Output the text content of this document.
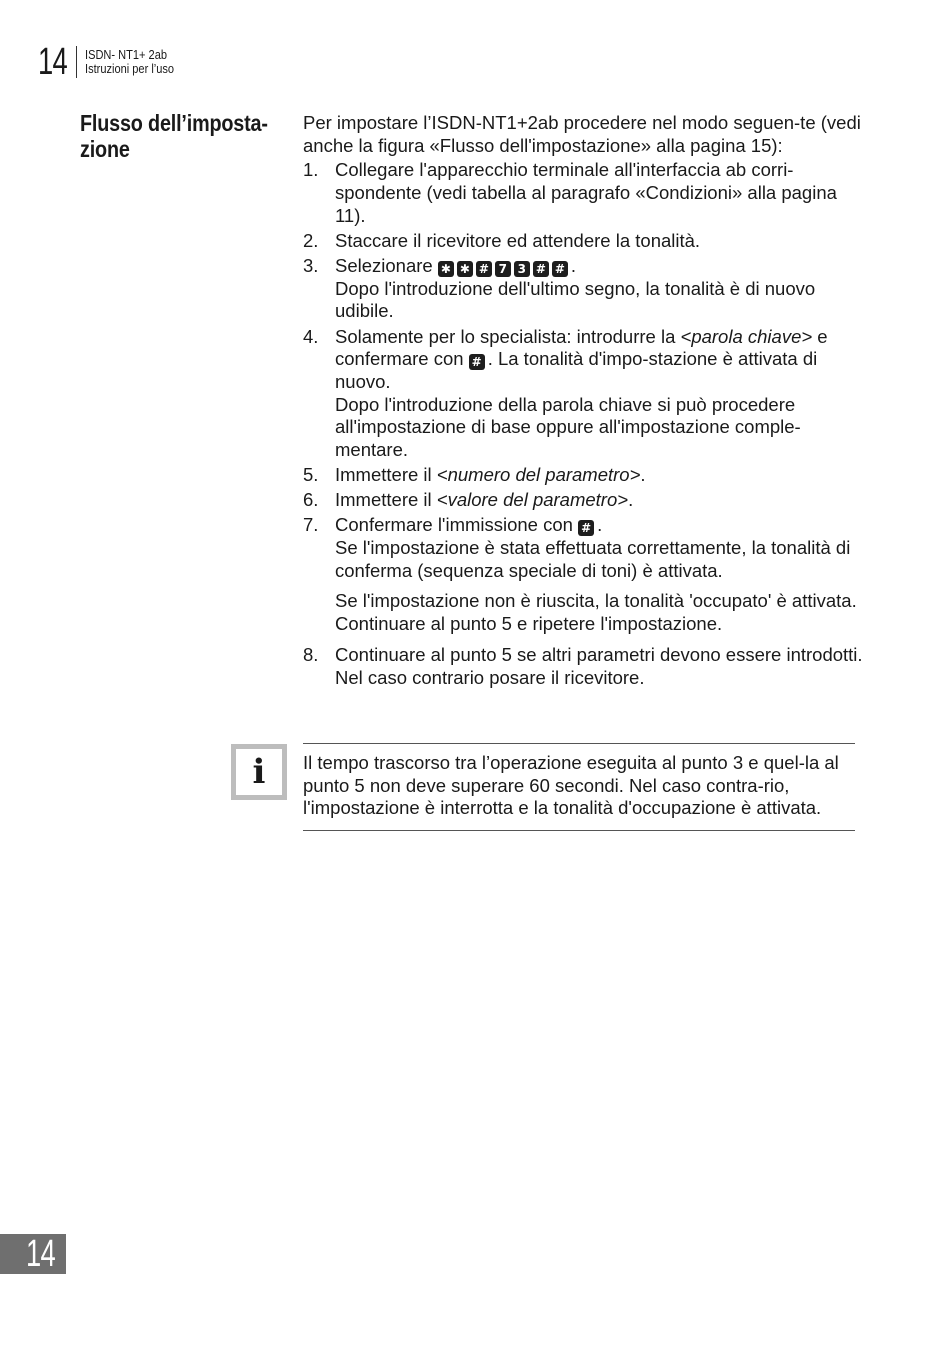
14 ISDN- NT1+ 2ab
Istruzioni per l’uso
Flusso dell’imposta-zione

Per impostare l’ISDN-NT1+2ab procedere nel modo seguen-te (vedi anche la figura «Flusso dell'impostazione» alla pagina 15):

1. Collegare l'apparecchio terminale all'interfaccia ab corri-spondente (vedi tabella al paragrafo «Condizioni» alla pagina 11).
2. Staccare il ricevitore ed attendere la tonalità.
3. Selezionare ✱ ✱ # 7 3 # # .
Dopo l'introduzione dell'ultimo segno, la tonalità è di nuovo udibile.
4. Solamente per lo specialista: introdurre la <parola chiave> e confermare con # . La tonalità d'impo-stazione è attivata di nuovo.
Dopo l'introduzione della parola chiave si può procedere all'impostazione di base oppure all'impostazione comple-mentare.
5. Immettere il <numero del parametro>.
6. Immettere il <valore del parametro>.
7. Confermare l'immissione con # .
Se l'impostazione è stata effettuata correttamente, la tonalità di conferma (sequenza speciale di toni) è attivata.
Se l'impostazione non è riuscita, la tonalità 'occupato' è attivata. Continuare al punto 5 e ripetere l'impostazione.
8. Continuare al punto 5 se altri parametri devono essere introdotti. Nel caso contrario posare il ricevitore.
i	Il tempo trascorso tra l’operazione eseguita al punto 3 e quel-la al punto 5 non deve superare 60 secondi. Nel caso contra-rio, l'impostazione è interrotta e la tonalità d'occupazione è attivata.
14
